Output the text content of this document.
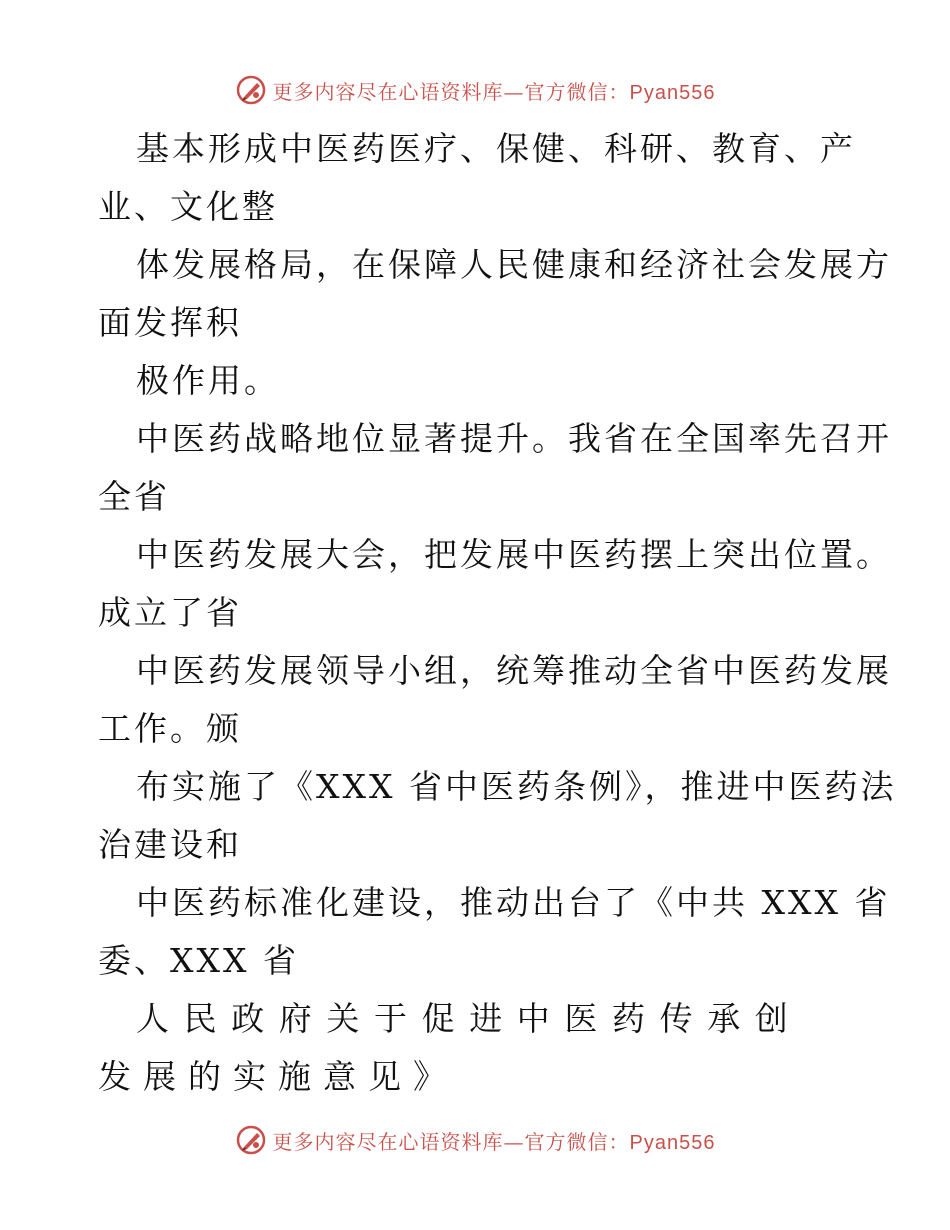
更多内容尽在心语资料库—官方微信：Pyan556
基本形成中医药医疗、保健、科研、教育、产
业、文化整
体发展格局，在保障人民健康和经济社会发展方
面发挥积
极作用。
中医药战略地位显著提升。我省在全国率先召开
全省
中医药发展大会，把发展中医药摆上突出位置。
成立了省
中医药发展领导小组，统筹推动全省中医药发展
工作。颁
布实施了《XXX 省中医药条例》，推进中医药法
治建设和
中医药标准化建设，推动出台了《中共 XXX 省
委、XXX 省
人民政府关于促进中医药传承创
发展的实施意见》
更多内容尽在心语资料库—官方微信：Pyan556
